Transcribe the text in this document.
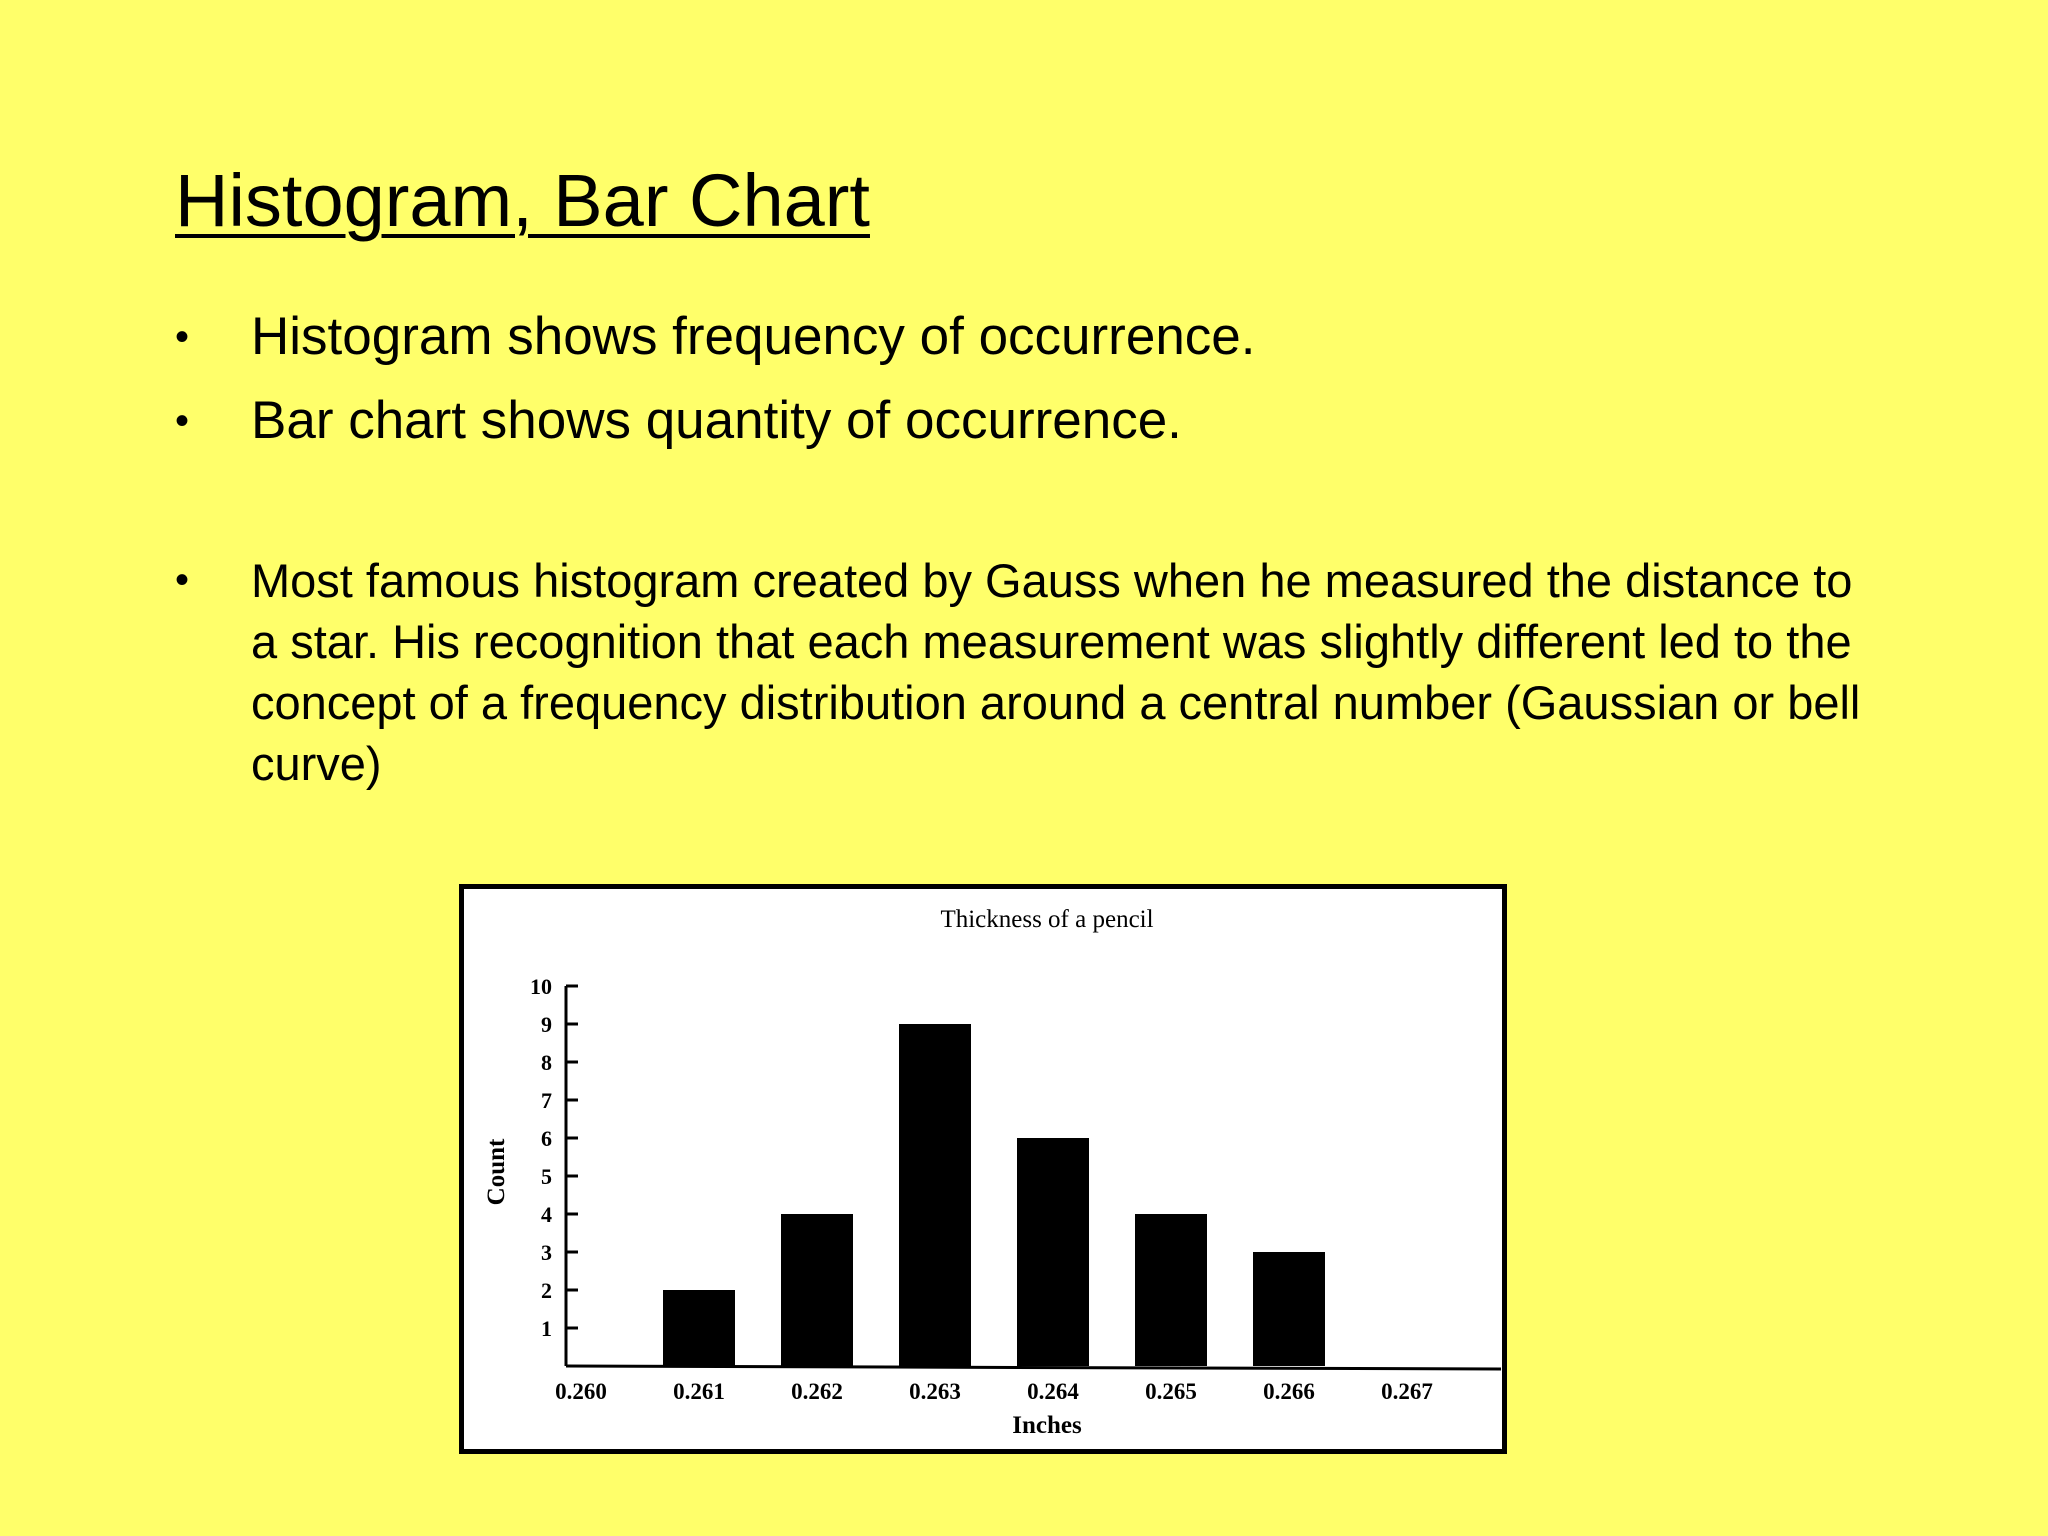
Histogram, Bar Chart
•	Histogram shows frequency of occurrence.
•	Bar chart shows quantity of occurrence.
•	Most famous histogram created by Gauss when he measured the distance to a star. His recognition that each measurement was slightly different led to the concept of a frequency distribution around a central number (Gaussian or bell curve)
Thickness of a pencil
Inches
Count
1
2
3
4
5
6
7
8
9
10
0.260	0.261	0.262	0.263	0.264	0.265	0.266	0.267
